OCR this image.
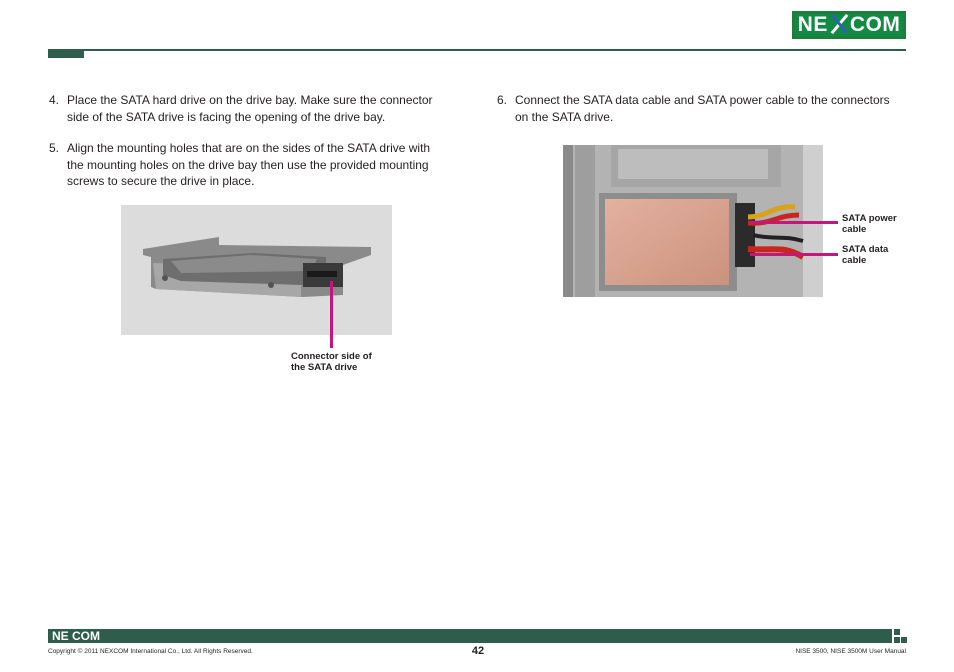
NE COM
4. Place the SATA hard drive on the drive bay. Make sure the connector
side of the SATA drive is facing the opening of the drive bay.
5. Align the mounting holes that are on the sides of the SATA drive with
the mounting holes on the drive bay then use the provided mounting
screws to secure the drive in place.
6. Connect the SATA data cable and SATA power cable to the connectors
on the SATA drive.
Connector side of
the SATA drive
SATA power
cable
SATA data
cable
NE COM
Copyright © 2011 NEXCOM International Co., Ltd. All Rights Reserved.	42	NISE 3500, NISE 3500M User Manual
